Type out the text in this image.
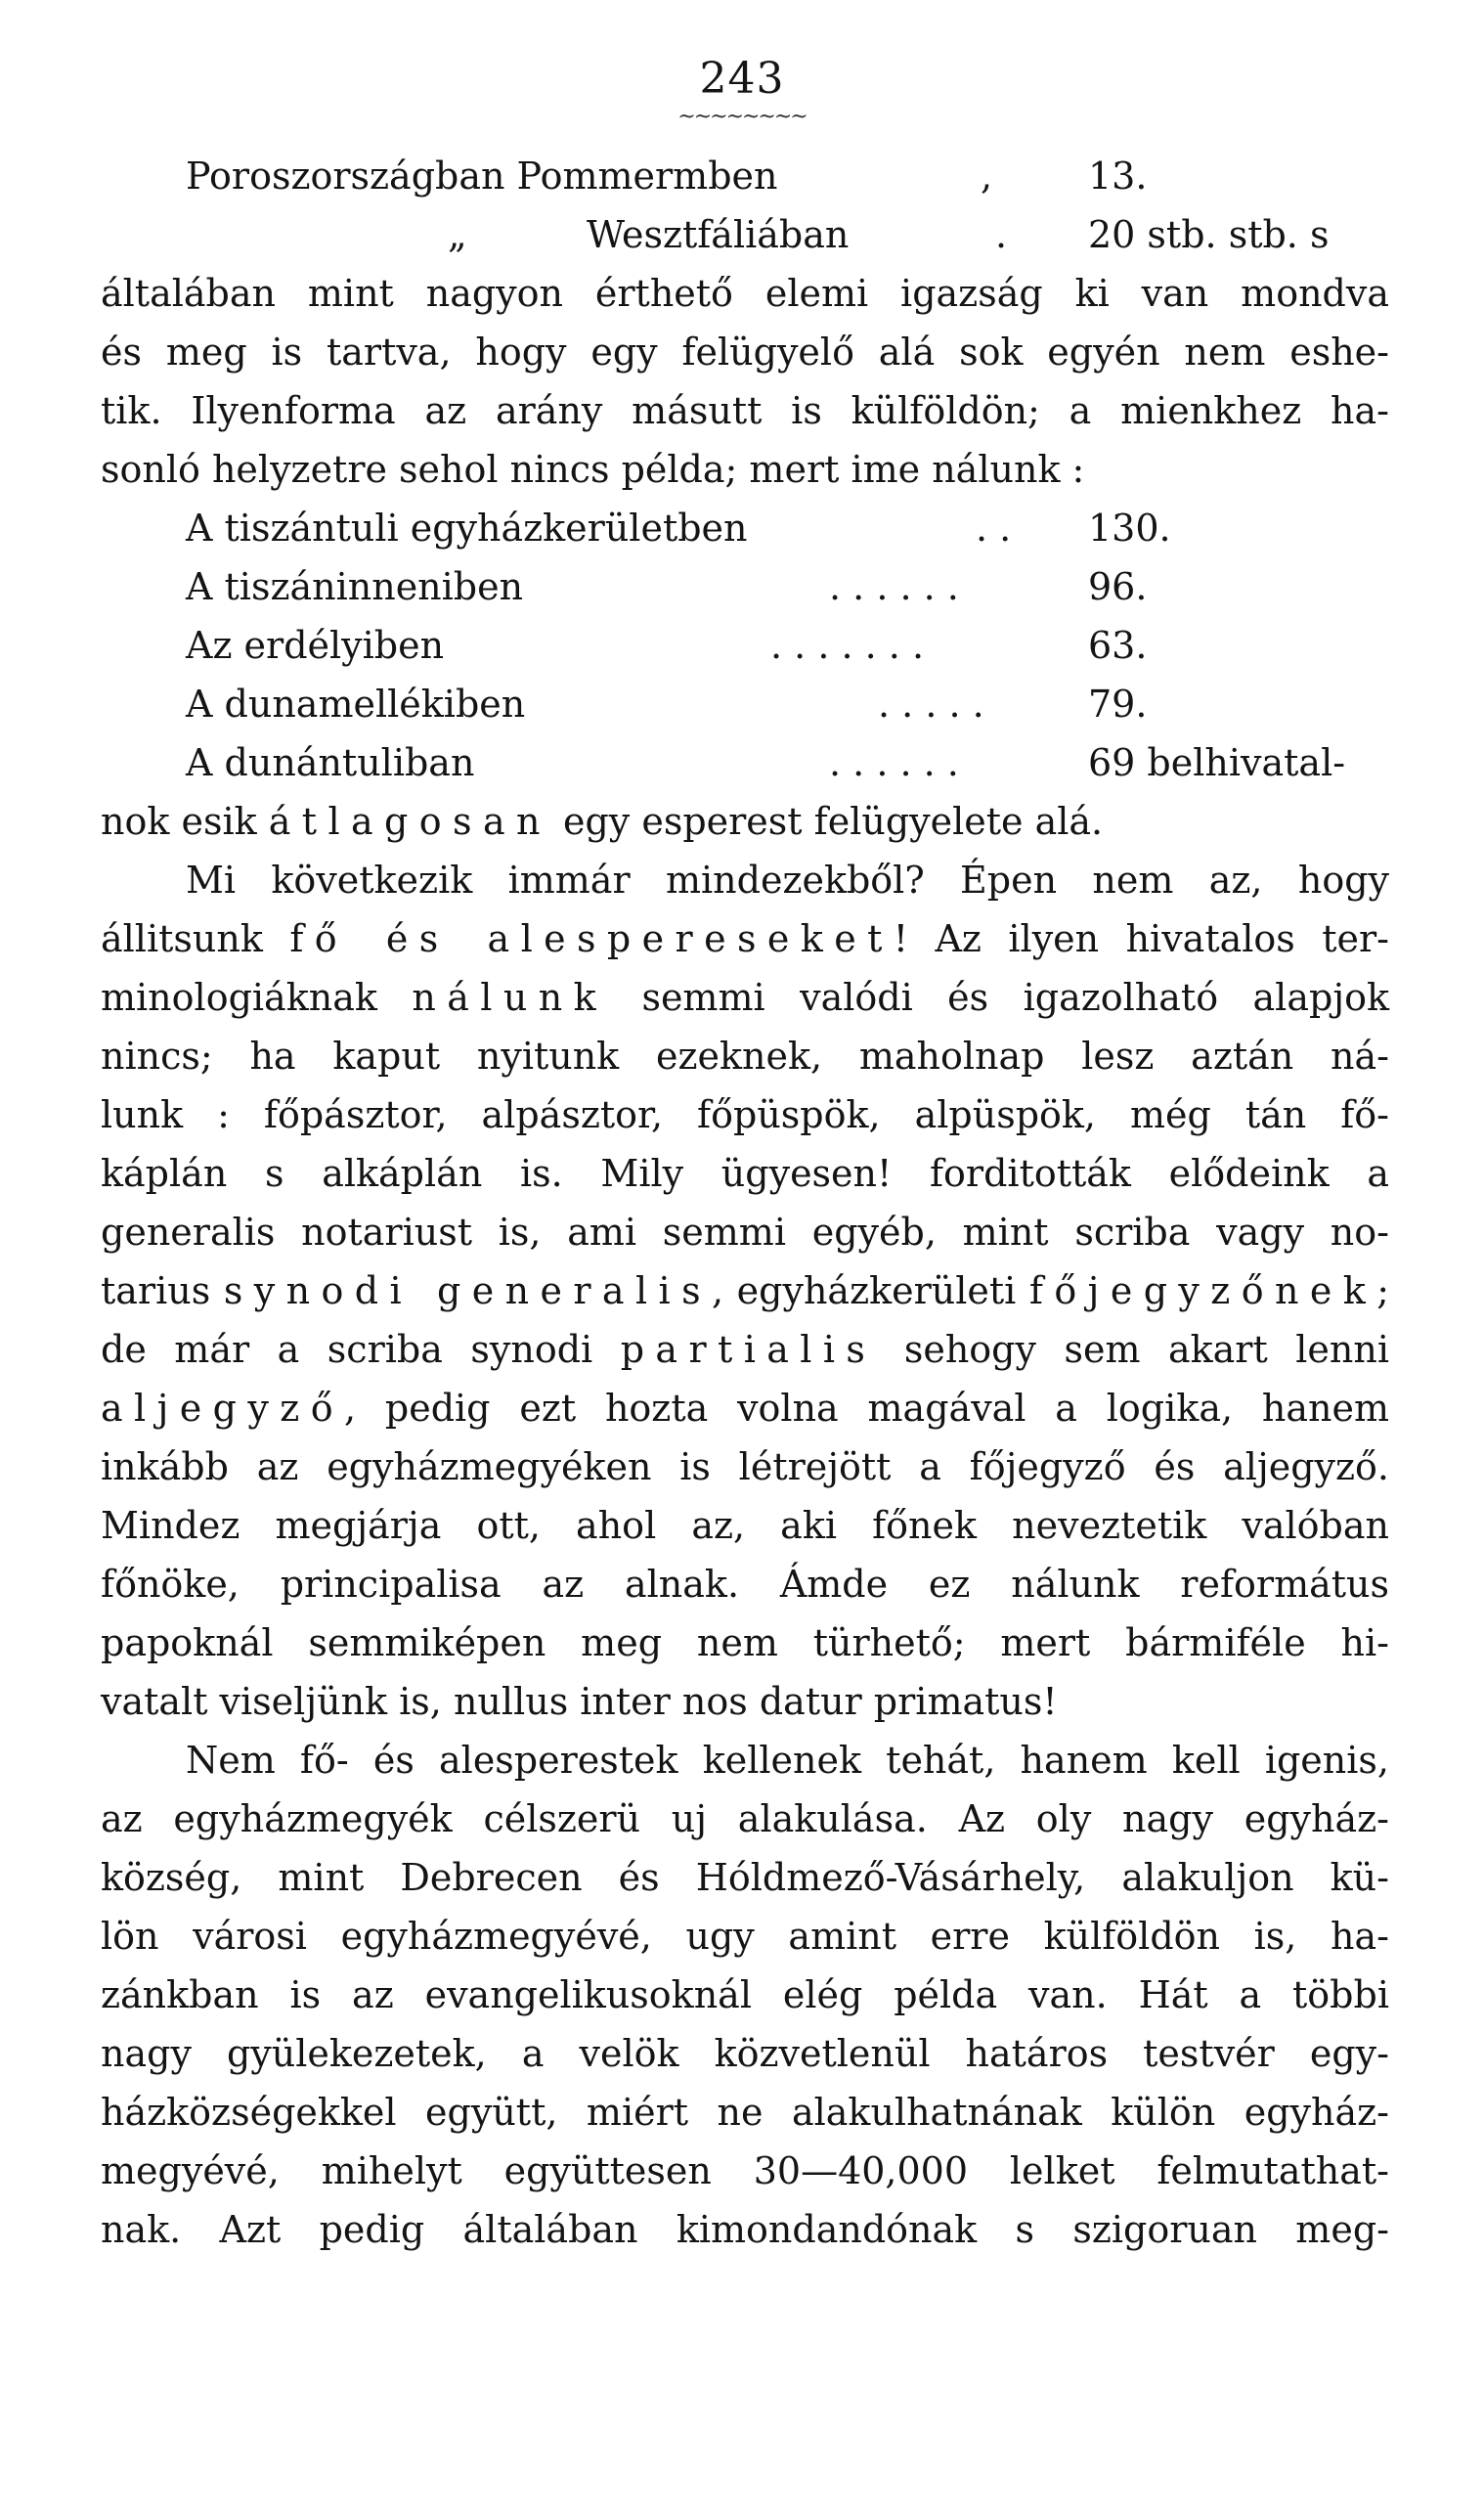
243
~~~~~~~~
Poroszországban Pommermben	,	13.
„	Wesztfáliában	. 20 stb. stb. s
általában mint nagyon érthető elemi igazság ki van mondva
és meg is tartva, hogy egy felügyelő alá sok egyén nem eshe-
tik. Ilyenforma az arány másutt is külföldön; a mienkhez ha-
sonló helyzetre sehol nincs példa; mert ime nálunk :
A tiszántuli egyházkerületben	. . 130.
A tiszáninneniben	. . . . . .	96.
Az erdélyiben	. . . . . . .	63.
A dunamellékiben	. . . . .	79.
A dunántuliban	. . . . . .	69 belhivatal-
nok esik átlagosan egy esperest felügyelete alá.
Mi következik immár mindezekből? Épen nem az, hogy
állitsunk fő és alespereseket! Az ilyen hivatalos ter-
minologiáknak nálunk semmi valódi és igazolható alapjok
nincs; ha kaput nyitunk ezeknek, maholnap lesz aztán ná-
lunk : főpásztor, alpásztor, főpüspök, alpüspök, még tán fő-
káplán s alkáplán is. Mily ügyesen! forditották elődeink a
generalis notariust is, ami semmi egyéb, mint scriba vagy no-
tarius synodi generalis, egyházkerületi főjegyzőnek;
de már a scriba synodi partialis sehogy sem akart lenni
aljegyző, pedig ezt hozta volna magával a logika, hanem
inkább az egyházmegyéken is létrejött a főjegyző és aljegyző.
Mindez megjárja ott, ahol az, aki főnek neveztetik valóban
főnöke, principalisa az alnak. Ámde ez nálunk református
papoknál semmiképen meg nem türhető; mert bármiféle hi-
vatalt viseljünk is, nullus inter nos datur primatus!
Nem fő- és alesperestek kellenek tehát, hanem kell igenis,
az egyházmegyék célszerü uj alakulása. Az oly nagy egyház-
község, mint Debrecen és Hóldmező-Vásárhely, alakuljon kü-
lön városi egyházmegyévé, ugy amint erre külföldön is, ha-
zánkban is az evangelikusoknál elég példa van. Hát a többi
nagy gyülekezetek, a velök közvetlenül határos testvér egy-
házközségekkel együtt, miért ne alakulhatnának külön egyház-
megyévé, mihelyt együttesen 30—40,000 lelket felmutathat-
nak. Azt pedig általában kimondandónak s szigoruan meg-
